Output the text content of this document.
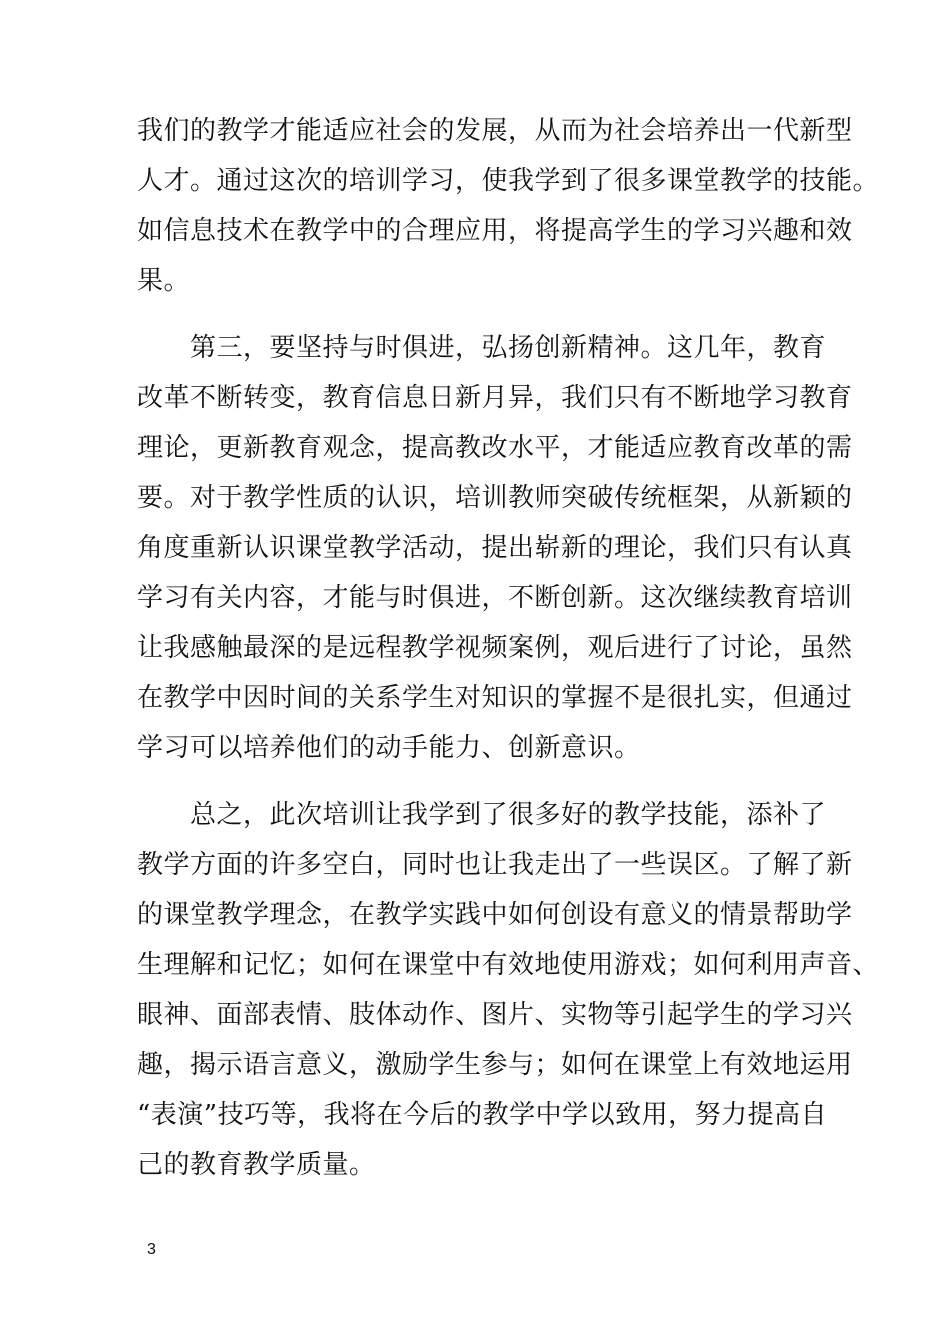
我们的教学才能适应社会的发展，从而为社会培养出一代新型
人才。通过这次的培训学习，使我学到了很多课堂教学的技能。
如信息技术在教学中的合理应用，将提高学生的学习兴趣和效
果。
　　第三，要坚持与时俱进，弘扬创新精神。这几年，教育
改革不断转变，教育信息日新月异，我们只有不断地学习教育
理论，更新教育观念，提高教改水平，才能适应教育改革的需
要。对于教学性质的认识，培训教师突破传统框架，从新颖的
角度重新认识课堂教学活动，提出崭新的理论，我们只有认真
学习有关内容，才能与时俱进，不断创新。这次继续教育培训
让我感触最深的是远程教学视频案例，观后进行了讨论，虽然
在教学中因时间的关系学生对知识的掌握不是很扎实，但通过
学习可以培养他们的动手能力、创新意识。
　　总之，此次培训让我学到了很多好的教学技能，添补了
教学方面的许多空白，同时也让我走出了一些误区。了解了新
的课堂教学理念，在教学实践中如何创设有意义的情景帮助学
生理解和记忆；如何在课堂中有效地使用游戏；如何利用声音、
眼神、面部表情、肢体动作、图片、实物等引起学生的学习兴
趣，揭示语言意义，激励学生参与；如何在课堂上有效地运用
“表演”技巧等，我将在今后的教学中学以致用，努力提高自
己的教育教学质量。
3
